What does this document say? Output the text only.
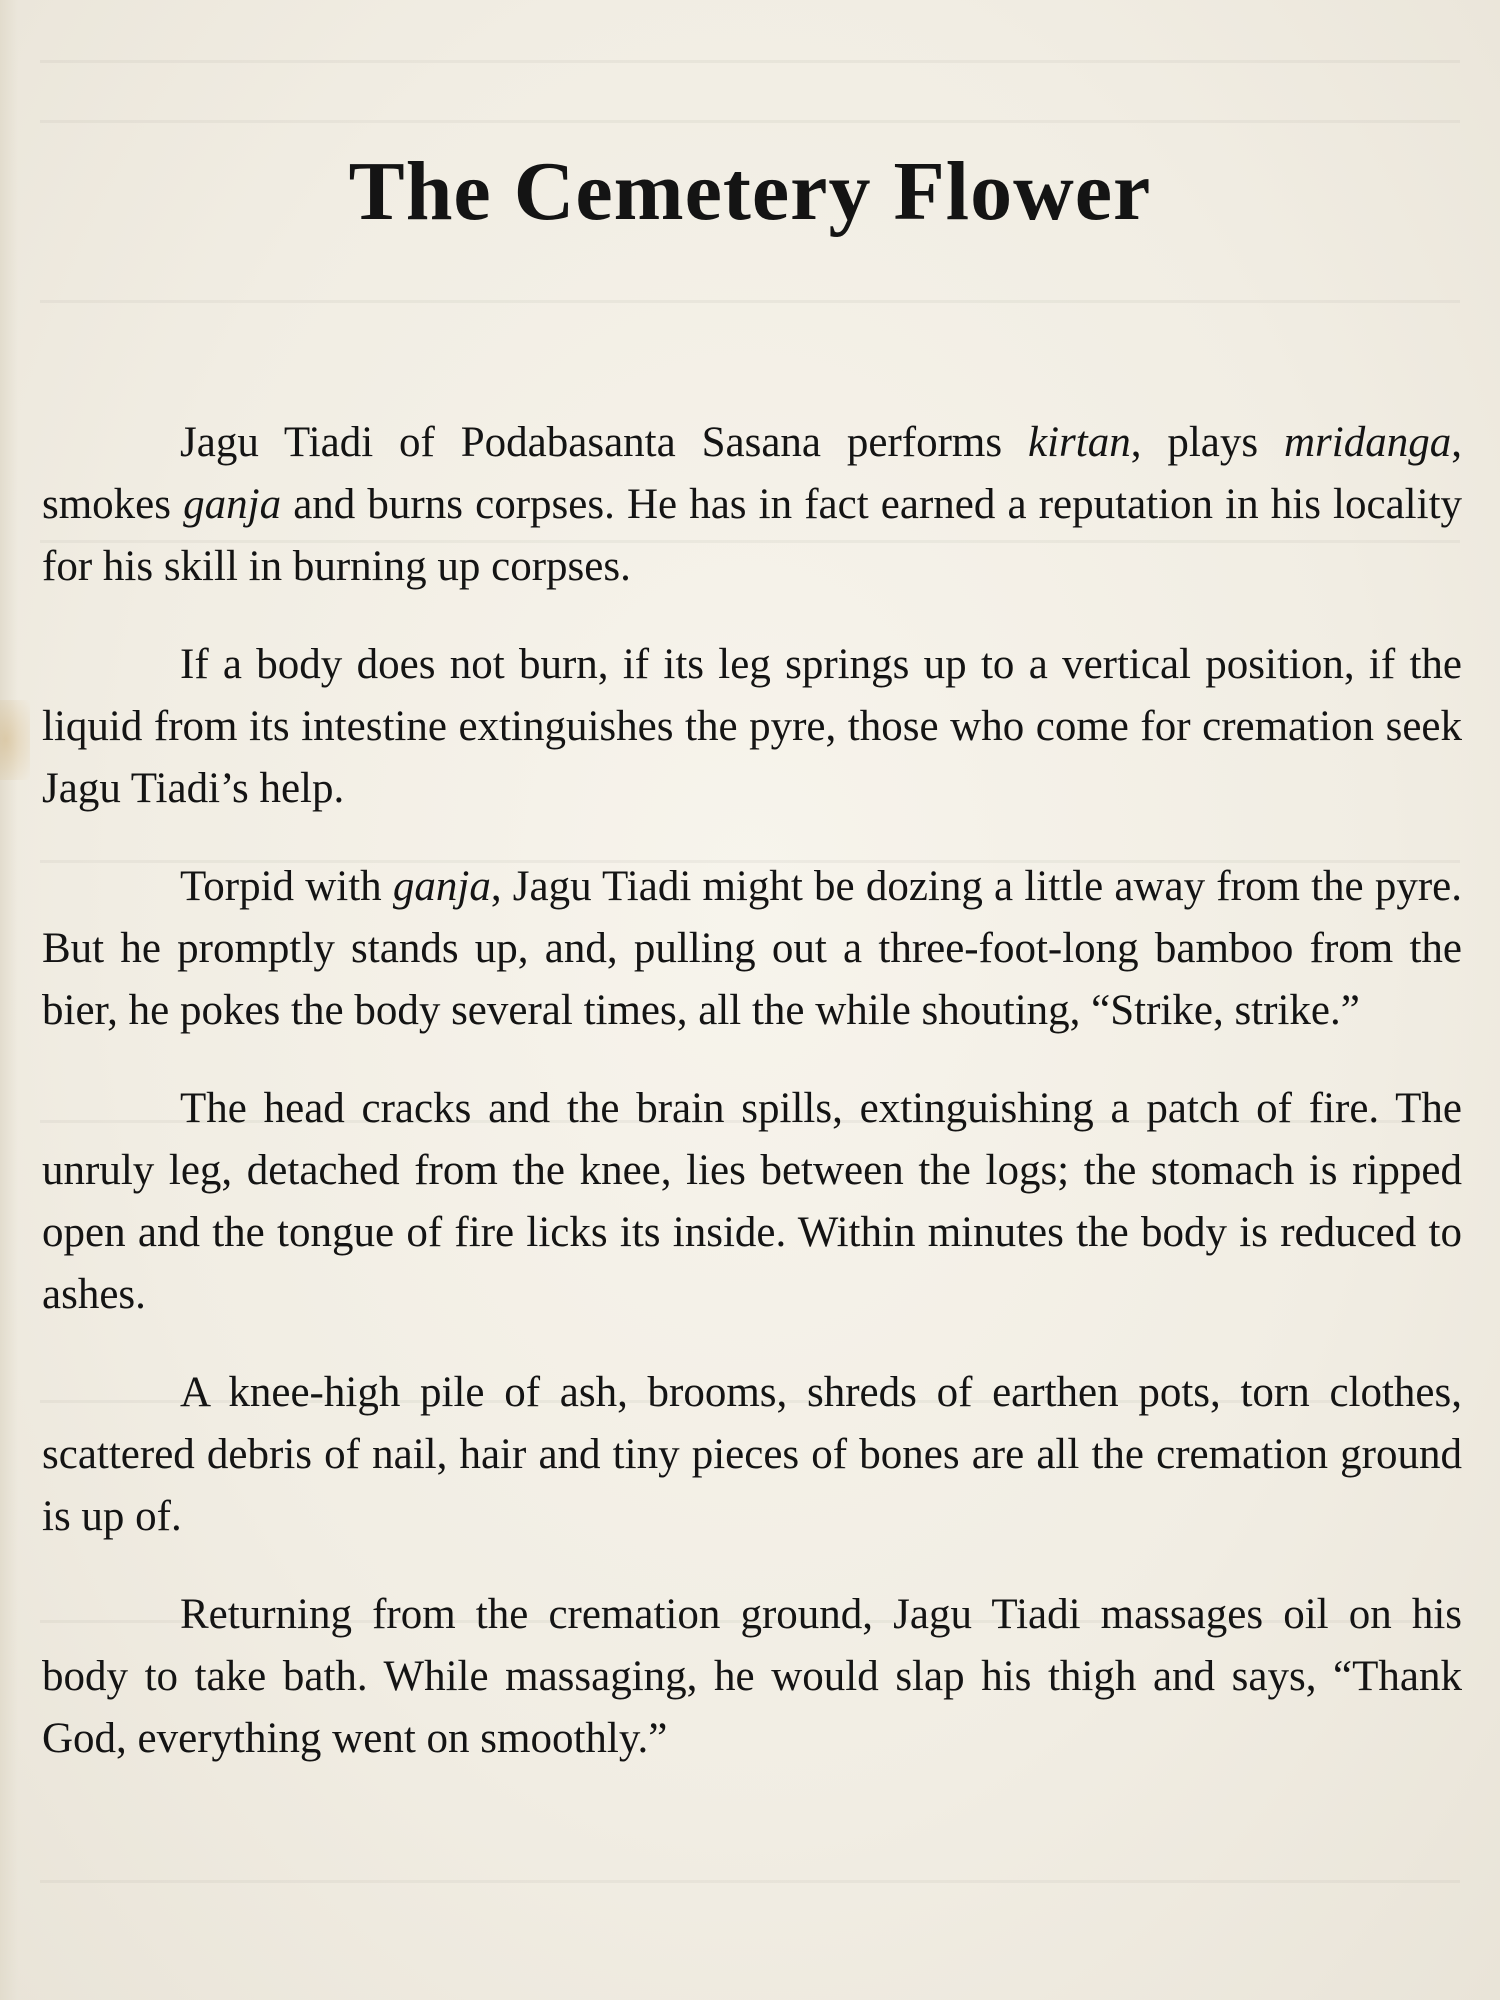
The Cemetery Flower

Jagu Tiadi of Podabasanta Sasana performs kirtan, plays mridanga, smokes ganja and burns corpses. He has in fact earned a reputation in his locality for his skill in burning up corpses.

If a body does not burn, if its leg springs up to a vertical position, if the liquid from its intestine extinguishes the pyre, those who come for cremation seek Jagu Tiadi’s help.

Torpid with ganja, Jagu Tiadi might be dozing a little away from the pyre. But he promptly stands up, and, pulling out a three-foot-long bamboo from the bier, he pokes the body several times, all the while shouting, “Strike, strike.”

The head cracks and the brain spills, extinguishing a patch of fire. The unruly leg, detached from the knee, lies between the logs; the stomach is ripped open and the tongue of fire licks its inside. Within minutes the body is reduced to ashes.

A knee-high pile of ash, brooms, shreds of earthen pots, torn clothes, scattered debris of nail, hair and tiny pieces of bones are all the cremation ground is up of.

Returning from the cremation ground, Jagu Tiadi massages oil on his body to take bath. While massaging, he would slap his thigh and says, “Thank God, everything went on smoothly.”
